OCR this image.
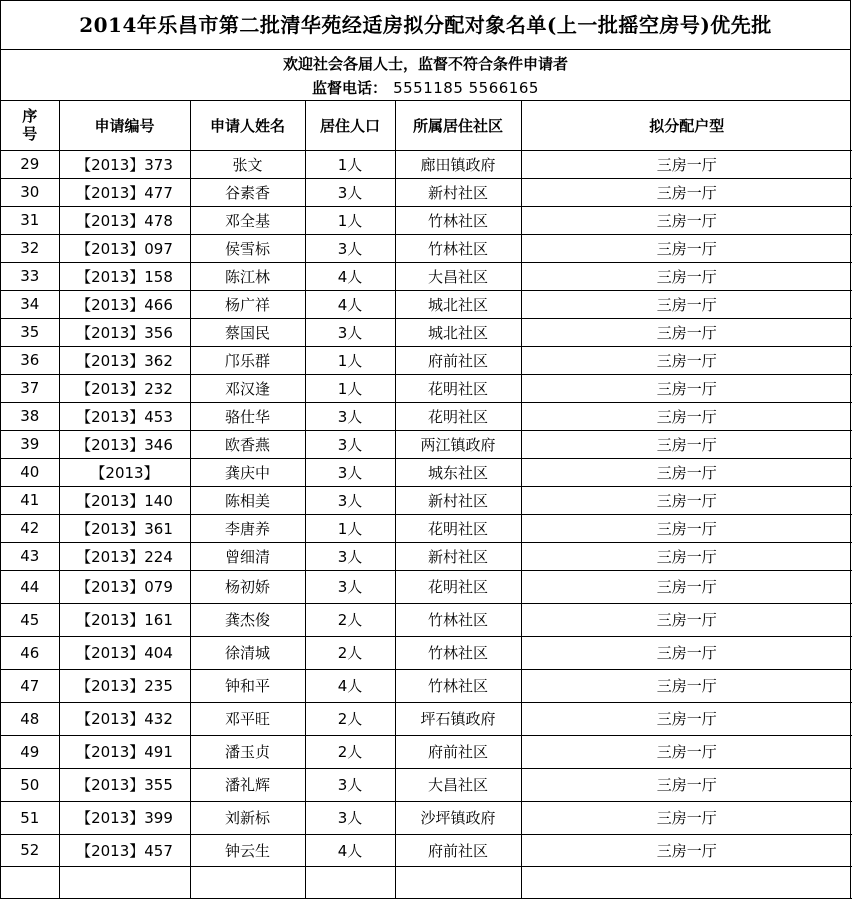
2014年乐昌市第二批清华苑经适房拟分配对象名单(上一批摇空房号)优先批
欢迎社会各届人士，监督不符合条件申请者
监督电话： 5551185 5566165
序
号	申请编号	申请人姓名	居住人口	所属居住社区	拟分配户型
29	【2013】373	张文	1人	廊田镇政府	三房一厅
30	【2013】477	谷素香	3人	新村社区	三房一厅
31	【2013】478	邓全基	1人	竹林社区	三房一厅
32	【2013】097	侯雪标	3人	竹林社区	三房一厅
33	【2013】158	陈江林	4人	大昌社区	三房一厅
34	【2013】466	杨广祥	4人	城北社区	三房一厅
35	【2013】356	蔡国民	3人	城北社区	三房一厅
36	【2013】362	邝乐群	1人	府前社区	三房一厅
37	【2013】232	邓汉逢	1人	花明社区	三房一厅
38	【2013】453	骆仕华	3人	花明社区	三房一厅
39	【2013】346	欧香燕	3人	两江镇政府	三房一厅
40	【2013】	龚庆中	3人	城东社区	三房一厅
41	【2013】140	陈相美	3人	新村社区	三房一厅
42	【2013】361	李唐养	1人	花明社区	三房一厅
43	【2013】224	曾细清	3人	新村社区	三房一厅
44	【2013】079	杨初娇	3人	花明社区	三房一厅
45	【2013】161	龚杰俊	2人	竹林社区	三房一厅
46	【2013】404	徐清城	2人	竹林社区	三房一厅
47	【2013】235	钟和平	4人	竹林社区	三房一厅
48	【2013】432	邓平旺	2人	坪石镇政府	三房一厅
49	【2013】491	潘玉贞	2人	府前社区	三房一厅
50	【2013】355	潘礼辉	3人	大昌社区	三房一厅
51	【2013】399	刘新标	3人	沙坪镇政府	三房一厅
52	【2013】457	钟云生	4人	府前社区	三房一厅
